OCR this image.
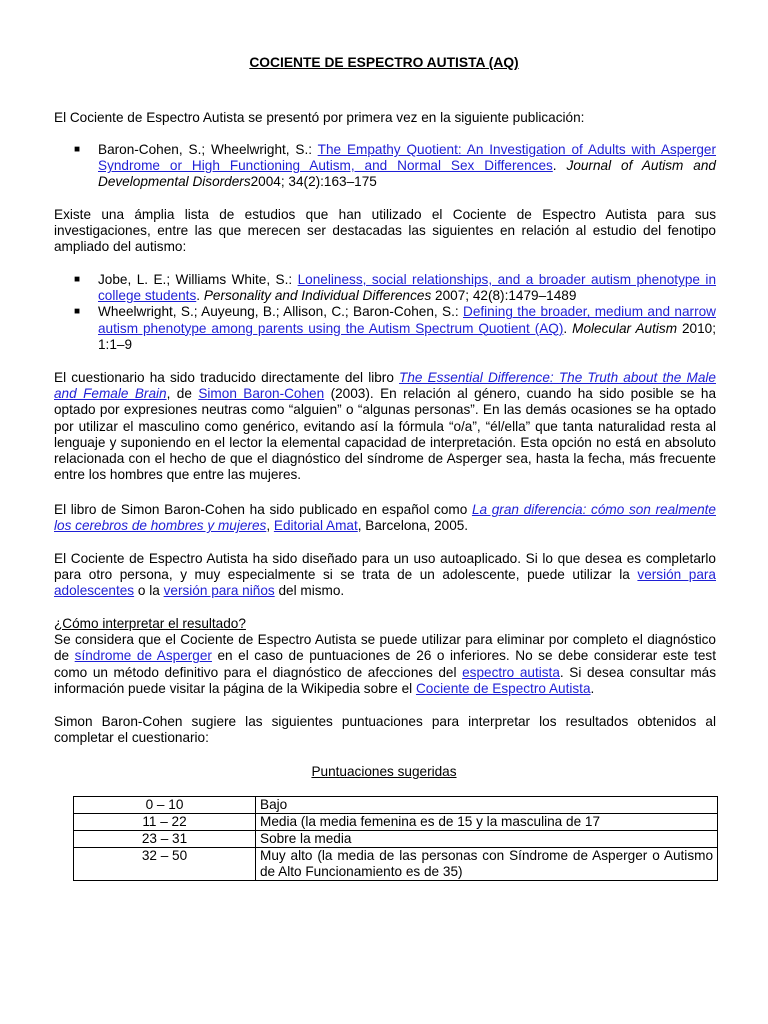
COCIENTE DE ESPECTRO AUTISTA (AQ)
El Cociente de Espectro Autista se presentó por primera vez en la siguiente publicación:
■ Baron-Cohen, S.; Wheelwright, S.: The Empathy Quotient: An Investigation of Adults with Asperger Syndrome or High Functioning Autism, and Normal Sex Differences. Journal of Autism and Developmental Disorders2004; 34(2):163–175
Existe una ámplia lista de estudios que han utilizado el Cociente de Espectro Autista para sus investigaciones, entre las que merecen ser destacadas las siguientes en relación al estudio del fenotipo ampliado del autismo:
■ Jobe, L. E.; Williams White, S.: Loneliness, social relationships, and a broader autism phenotype in college students. Personality and Individual Differences 2007; 42(8):1479–1489
■ Wheelwright, S.; Auyeung, B.; Allison, C.; Baron-Cohen, S.: Defining the broader, medium and narrow autism phenotype among parents using the Autism Spectrum Quotient (AQ). Molecular Autism 2010; 1:1–9
El cuestionario ha sido traducido directamente del libro The Essential Difference: The Truth about the Male and Female Brain, de Simon Baron-Cohen (2003). En relación al género, cuando ha sido posible se ha optado por expresiones neutras como “alguien” o “algunas personas”. En las demás ocasiones se ha optado por utilizar el masculino como genérico, evitando así la fórmula “o/a”, “él/ella” que tanta naturalidad resta al lenguaje y suponiendo en el lector la elemental capacidad de interpretación. Esta opción no está en absoluto relacionada con el hecho de que el diagnóstico del síndrome de Asperger sea, hasta la fecha, más frecuente entre los hombres que entre las mujeres.
El libro de Simon Baron-Cohen ha sido publicado en español como La gran diferencia: cómo son realmente los cerebros de hombres y mujeres, Editorial Amat, Barcelona, 2005.
El Cociente de Espectro Autista ha sido diseñado para un uso autoaplicado. Si lo que desea es completarlo para otro persona, y muy especialmente si se trata de un adolescente, puede utilizar la versión para adolescentes o la versión para niños del mismo.
¿Cómo interpretar el resultado?
Se considera que el Cociente de Espectro Autista se puede utilizar para eliminar por completo el diagnóstico de síndrome de Asperger en el caso de puntuaciones de 26 o inferiores. No se debe considerar este test como un método definitivo para el diagnóstico de afecciones del espectro autista. Si desea consultar más información puede visitar la página de la Wikipedia sobre el Cociente de Espectro Autista.
Simon Baron-Cohen sugiere las siguientes puntuaciones para interpretar los resultados obtenidos al completar el cuestionario:
Puntuaciones sugeridas
0 – 10	Bajo
11 – 22	Media (la media femenina es de 15 y la masculina de 17
23 – 31	Sobre la media
32 – 50	Muy alto (la media de las personas con Síndrome de Asperger o Autismo de Alto Funcionamiento es de 35)
